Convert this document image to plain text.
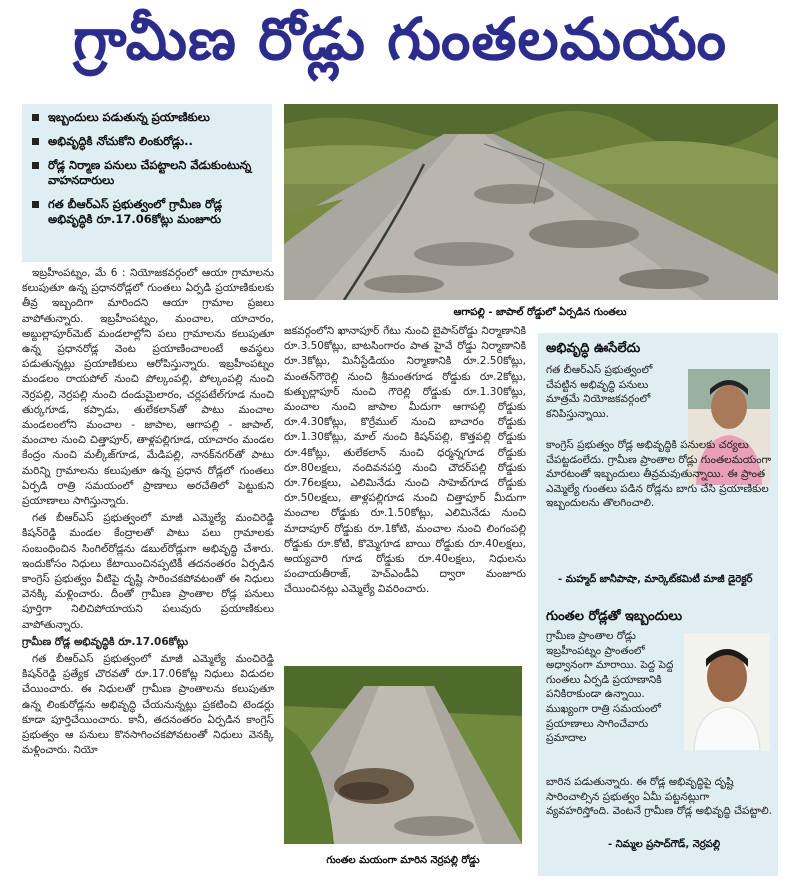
గ్రామీణ రోడ్లు గుంతలమయం
ఇబ్బందులు పడుతున్న ప్రయాణికులు
అభివృద్ధికి నోచుకోని లింకురోడ్లు..
రోడ్ల నిర్మాణ పనులు చేపట్టాలని వేడుకుంటున్న వాహనదారులు
గత బీఆర్ఎస్ ప్రభుత్వంలో గ్రామీణ రోడ్ల అభివృద్ధికి రూ.17.06కోట్లు మంజూరు
ఆగాపల్లి - జాపాల్ రోడ్డులో ఏర్పడిన గుంతలు

ఇబ్రహీంపట్నం, మే 6 : నియోజకవర్గంలో ఆయా గ్రామాలను కలుపుతూ ఉన్న ప్రధానరోడ్లలో గుంతలు ఏర్పడి ప్రయాణికులకు తీవ్ర ఇబ్బందిగా మారిందని ఆయా గ్రామాల ప్రజలు వాపోతున్నారు. ఇబ్రహీంపట్నం, మంచాల, యాచారం, అబ్దుల్లాపూర్‌మెట్ మండలాల్లోని పలు గ్రామాలను కలుపుతూ ఉన్న ప్రధానరోడ్ల వెంట ప్రయాణించాలంటే అవస్థలు పడుతున్నట్లు ప్రయాణికులు ఆరోపిస్తున్నారు. ఇబ్రహీంపట్నం మండలం రాయపోల్ నుంచి పోల్కంపల్లి, పోల్కంపల్లి నుంచి నెర్రపల్లి, నెర్రపల్లి నుంచి దండుమైలారం, చర్లపటేల్‌గూడ నుంచి తుర్కగూడ, కప్పాడు, తులేకలాన్‌తో పాటు మంచాల మండలంలోని మంచాల - జాపాల, ఆగాపల్లి - జాపాల్, మంచాల నుంచి చిత్తాపూర్, తాళ్లపల్లిగూడ, యాచారం మండల కేంద్రం నుంచి మల్కీజ్‌గూడ, మేడిపల్లి, నానక్‌నగర్‌తో పాటు మరిన్ని గ్రామాలను కలుపుతూ ఉన్న ప్రధాన రోడ్లలో గుంతలు ఏర్పడి రాత్రి సమయంలో ప్రాణాలు అరచేతిలో పెట్టుకుని ప్రయాణాలు సాగిస్తున్నారు.

గత బీఆర్ఎస్ ప్రభుత్వంలో మాజీ ఎమ్మెల్యే మంచిరెడ్డి కిషన్‌రెడ్డి మండల కేంద్రాలతో పాటు పలు గ్రామాలకు సంబంధించిన సింగిల్‌రోడ్లను డబుల్‌రోడ్లుగా అభివృద్ధి చేశారు. ఇందుకోసం నిధులు కేటాయించినప్పటికీ తదనంతరం ఏర్పడిన కాంగ్రెస్ ప్రభుత్వం వీటిపై దృష్టి సారించకపోవటంతో ఈ నిధులు వెనక్కి మళ్లించారు. దీంతో గ్రామీణ ప్రాంతాల రోడ్ల పనులు పూర్తిగా నిలిచిపోయాయని పలువురు ప్రయాణికులు వాపోతున్నారు.

గ్రామీణ రోడ్ల అభివృద్ధికి రూ.17.06కోట్లు

గత బీఆర్ఎస్ ప్రభుత్వంలో మాజీ ఎమ్మెల్యే మంచిరెడ్డి కిషన్‌రెడ్డి ప్రత్యేక చొరవతో రూ.17.06కోట్ల నిధులు విడుదల చేయించారు. ఈ నిధులతో గ్రామీణ ప్రాంతాలను కలుపుతూ ఉన్న లింకురోడ్లను అభివృద్ధి చేయనున్నట్లు ప్రకటించి టెండర్లు కూడా పూర్తిచేయించారు. కానీ, తదనంతరం ఏర్పడిన కాంగ్రెస్ ప్రభుత్వం ఆ పనులు కొనసాగించకపోవటంతో నిధులు వెనక్కి మళ్లించారు. నియో

జకవర్గంలోని ఖానాపూర్ గేటు నుంచి బైపాస్‌రోడ్డు నిర్మాణానికి రూ.3.50కోట్లు, బాటసింగారం పాత హైవే రోడ్డు నిర్మాణానికి రూ.3కోట్లు, మినీస్టేడియం నిర్మాణానికి రూ.2.50కోట్లు, మంతన్‌గౌరెల్లి నుంచి శ్రీమంతగూడ రోడ్డుకు రూ.2కోట్లు, కుత్బుల్లాపూర్ నుంచి గౌరెల్లి రోడ్డుకు రూ.1.30కోట్లు, మంచాల నుంచి జాపాల మీదుగా ఆగాపల్లి రోడ్డుకు రూ.4.30కోట్లు, కొర్రేముల్ నుంచి బాచారం రోడ్డుకు రూ.1.30కోట్లు, మాల్ నుంచి కిషన్‌పల్లి, కొత్తపల్లి రోడ్డుకు రూ.4కోట్లు, తులేకలాన్ నుంచి ధర్మన్నగూడ రోడ్డుకు రూ.80లక్షలు, నందివనపర్తి నుంచి చౌదర్‌పల్లి రోడ్డుకు రూ.76లక్షలు, ఎలిమినేడు నుంచి సాహెబ్‌గూడ రోడ్డుకు రూ.50లక్షలు, తాళ్లపల్లిగూడ నుంచి చిత్తాపూర్ మీదుగా మంచాల రోడ్డుకు రూ.1.50కోట్లు, ఎలిమినేడు నుంచి మాదాపూర్ రోడ్డుకు రూ.1కోటి, మంచాల నుంచి లింగంపల్లి రోడ్డుకు రూ.కోటి, కొమ్మెగూడ బాయి రోడ్డుకు రూ.40లక్షలు, అయ్యవారి గూడ రోడ్డుకు రూ.40లక్షలు, నిధులను పంచాయతీరాజ్, హెచ్ఎండీఏ ద్వారా మంజూరు చేయించినట్లు ఎమ్మెల్యే వివరించారు.

గుంతల మయంగా మారిన నెర్రపల్లి రోడ్డు
అభివృద్ధి ఊసేలేదు
గత బీఆర్ఎస్ ప్రభుత్వంలో చేపట్టిన అభివృద్ధి పనులు మాత్రమే నియోజకవర్గంలో కనిపిస్తున్నాయి.
కాంగ్రెస్ ప్రభుత్వం రోడ్ల అభివృద్ధికి పనులకు చర్యలు చేపట్టడంలేదు. గ్రామీణ ప్రాంతాల రోడ్లు గుంతలమయంగా మారటంతో ఇబ్బందులు తీవ్రమవుతున్నాయి. ఈ ప్రాంత ఎమ్మెల్యే గుంతలు పడిన రోడ్లను బాగు చేసి ప్రయాణికుల ఇబ్బందులను తొలగించాలి.
- మహ్మద్ జానీపాషా, మార్కెట్‌కమిటీ మాజీ డైరెక్టర్
గుంతల రోడ్లతో ఇబ్బందులు
గ్రామీణ ప్రాంతాల రోడ్లు ఇబ్రహీంపట్నం ప్రాంతంలో అధ్వానంగా మారాయి. పెద్ద పెద్ద గుంతలు ఏర్పడి ప్రయాణానికి పనికిరాకుండా ఉన్నాయి. ముఖ్యంగా రాత్రి సమయంలో ప్రయాణాలు సాగించేవారు ప్రమాదాల
బారిన పడుతున్నారు. ఈ రోడ్ల అభివృద్ధిపై దృష్టి సారించాల్సిన ప్రభుత్వం ఏమీ పట్టనట్లుగా వ్యవహరిస్తోంది. వెంటనే గ్రామీణ రోడ్ల అభివృద్ధి చేపట్టాలి.
- నిమ్మల ప్రసాద్‌గౌడ్, నెర్రపల్లి
